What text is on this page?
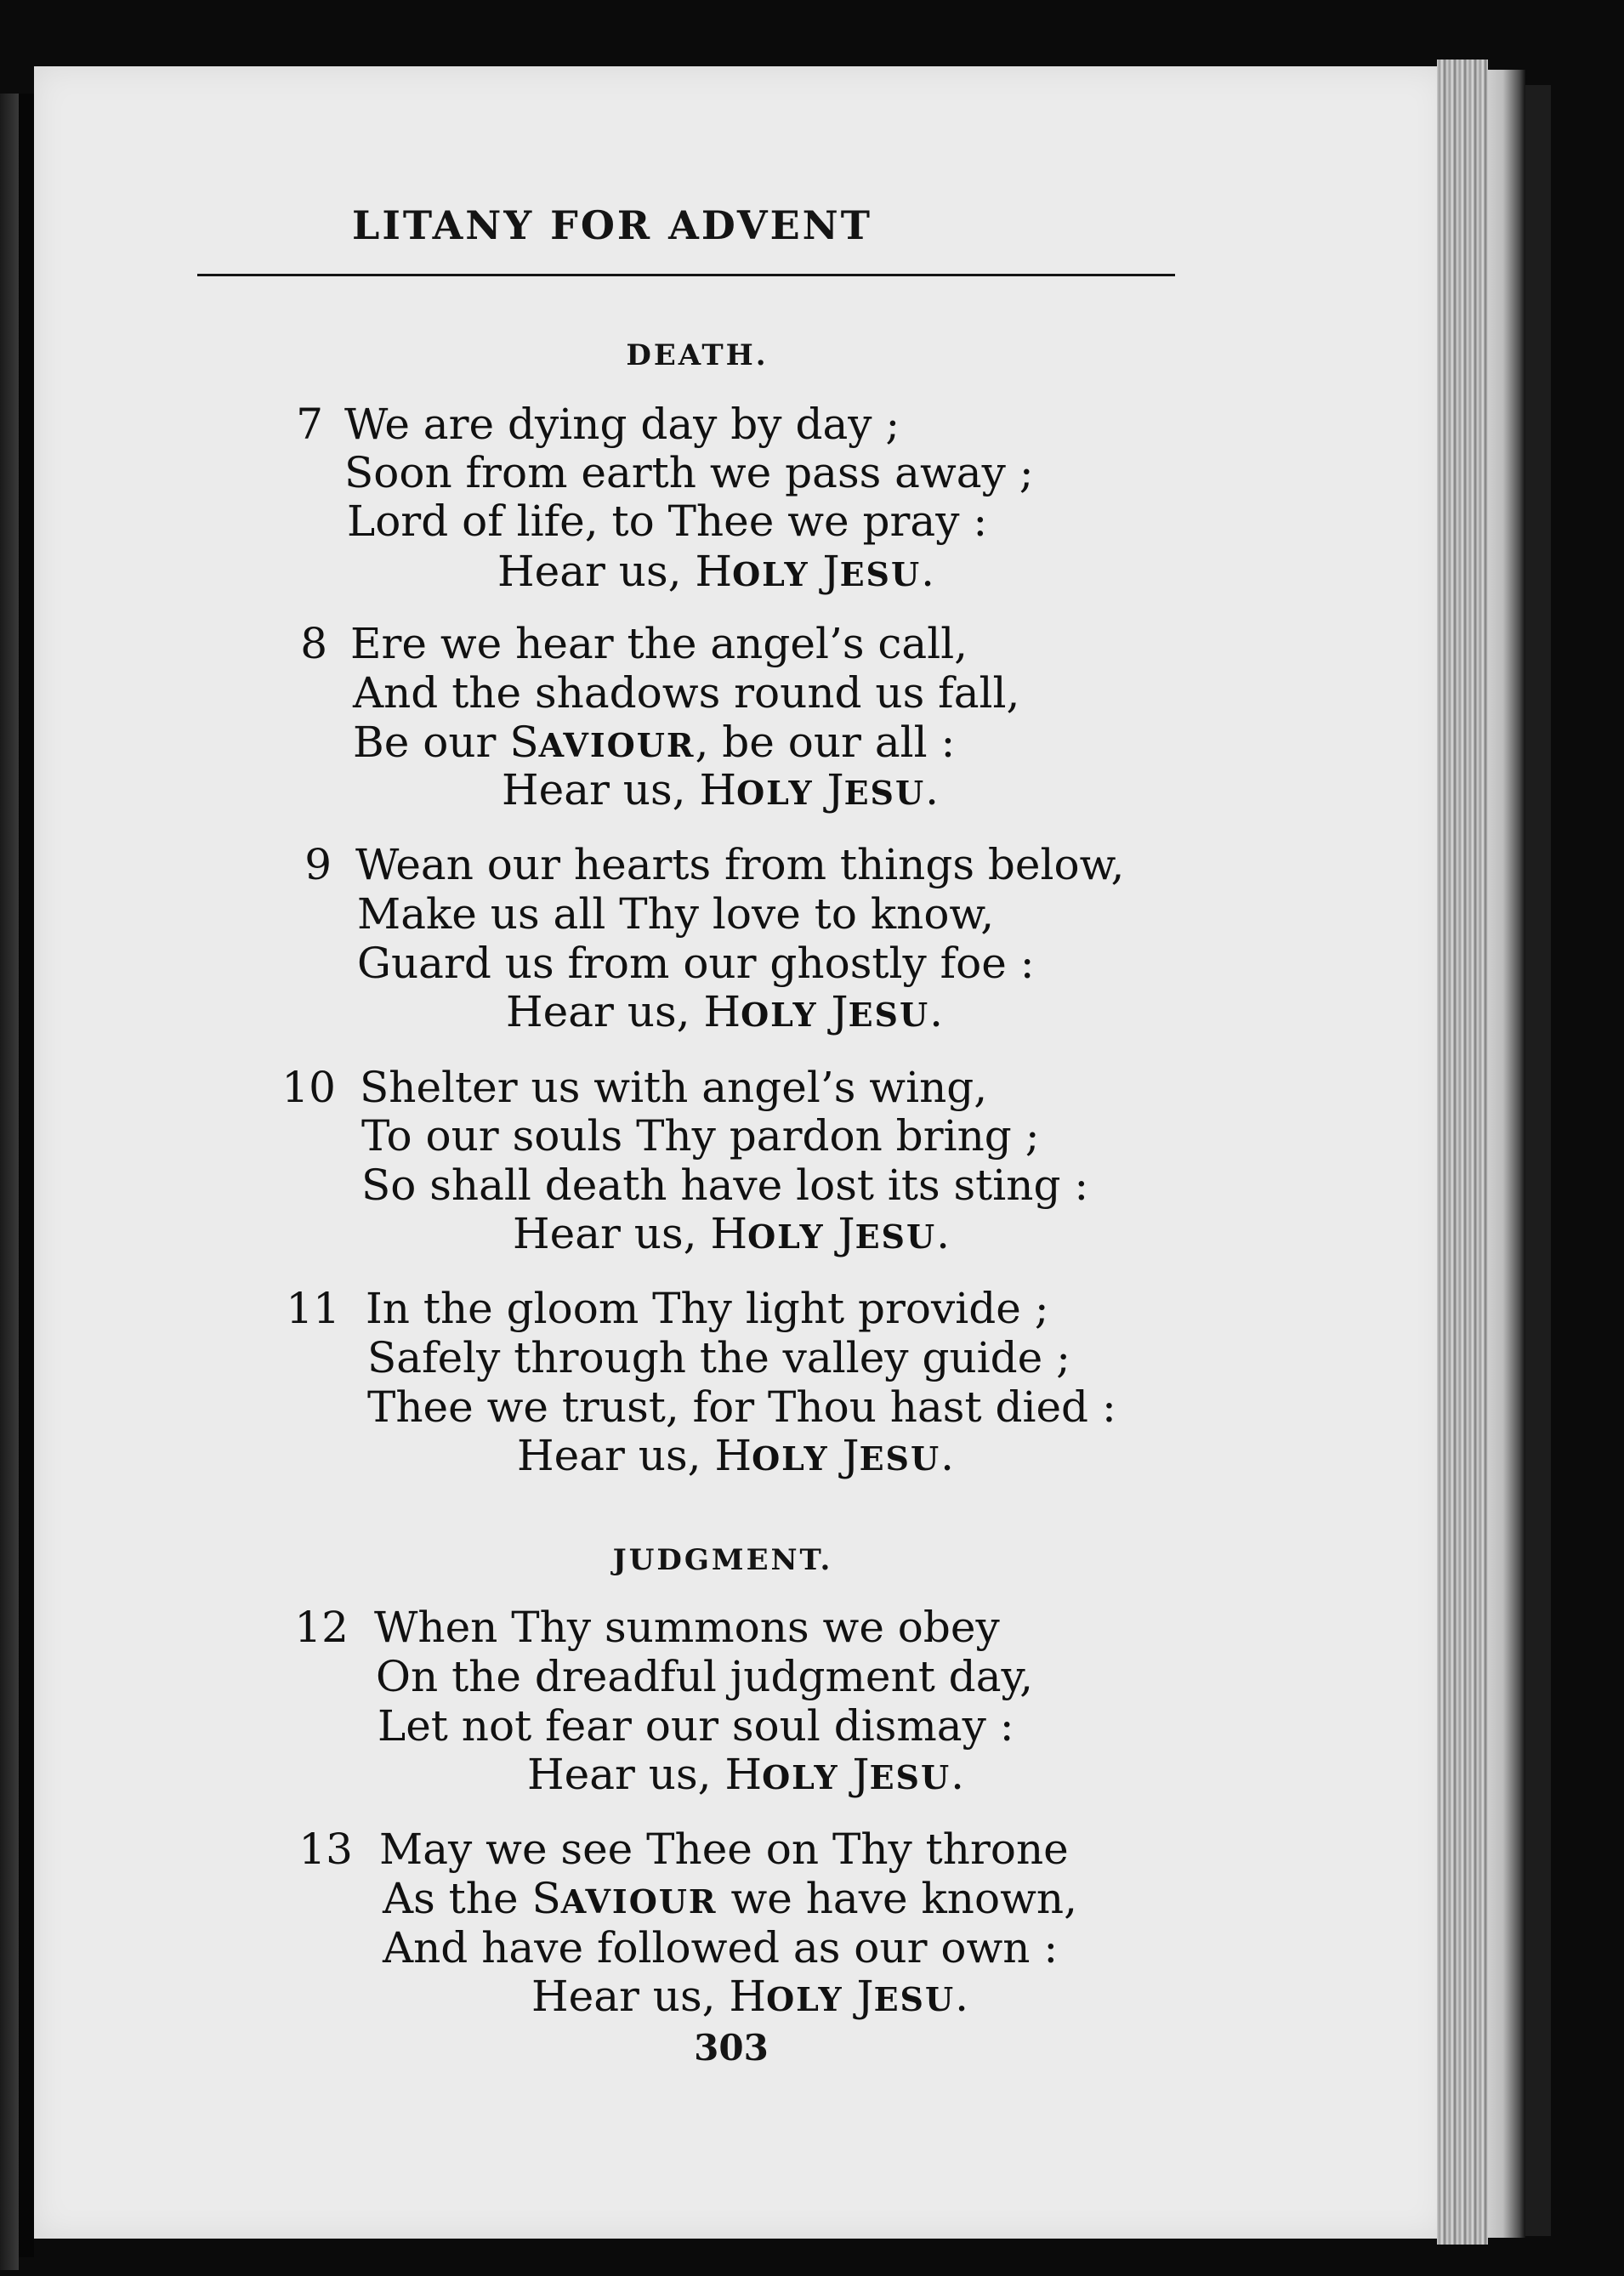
LITANY FOR ADVENT
DEATH.
7 We are dying day by day ;
Soon from earth we pass away ;
Lord of life, to Thee we pray :
Hear us, HOLY JESU.
8 Ere we hear the angel’s call,
And the shadows round us fall,
Be our SAVIOUR, be our all :
Hear us, HOLY JESU.
9 Wean our hearts from things below,
Make us all Thy love to know,
Guard us from our ghostly foe :
Hear us, HOLY JESU.
10 Shelter us with angel’s wing,
To our souls Thy pardon bring ;
So shall death have lost its sting :
Hear us, HOLY JESU.
11 In the gloom Thy light provide ;
Safely through the valley guide ;
Thee we trust, for Thou hast died :
Hear us, HOLY JESU.
JUDGMENT.
12 When Thy summons we obey
On the dreadful judgment day,
Let not fear our soul dismay :
Hear us, HOLY JESU.
13 May we see Thee on Thy throne
As the SAVIOUR we have known,
And have followed as our own :
Hear us, HOLY JESU.
303
